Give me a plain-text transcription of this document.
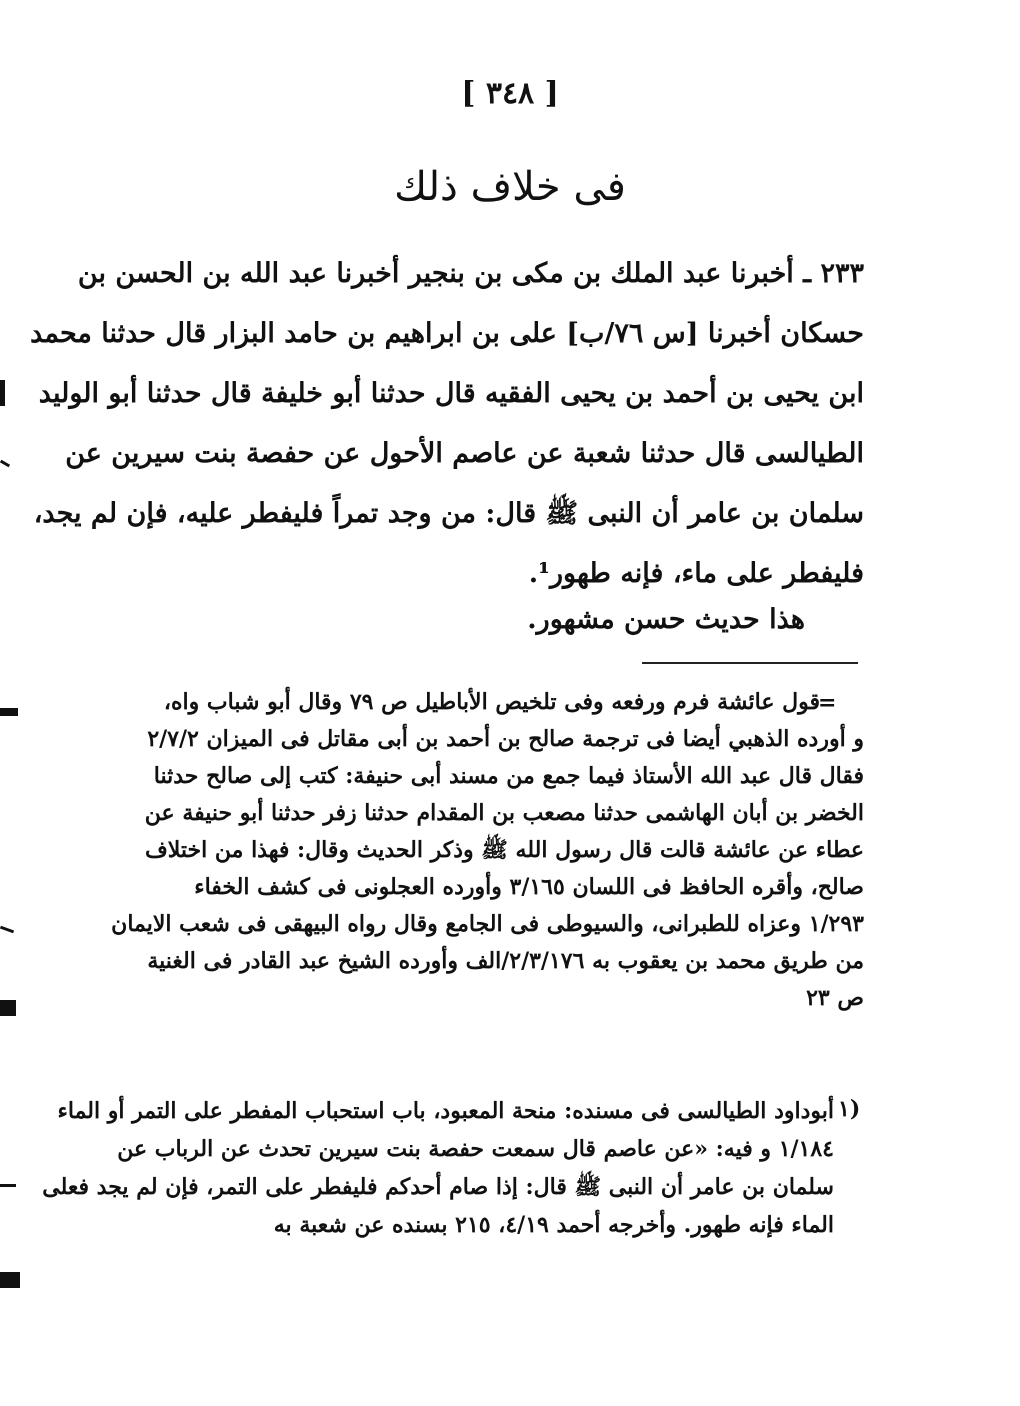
[ ٣٤٨ ]
فى خلاف ذلك
٢٣٣ ـ أخبرنا عبد الملك بن مكى بن بنجير أخبرنا عبد الله بن الحسن بن
حسكان أخبرنا [س ٧٦/ب] على بن ابراهيم بن حامد البزار قال حدثنا محمد
ابن يحيى بن أحمد بن يحيى الفقيه قال حدثنا أبو خليفة قال حدثنا أبو الوليد
الطيالسى قال حدثنا شعبة عن عاصم الأحول عن حفصة بنت سيرين عن
سلمان بن عامر أن النبى ﷺ قال: من وجد تمراً فليفطر عليه، فإن لم يجد،
فليفطر على ماء، فإنه طهور¹.
هذا حديث حسن مشهور.
=
قول عائشة فرم ورفعه وفى تلخيص الأباطيل ص ٧٩ وقال أبو شباب واه،
و أورده الذهبي أيضا فى ترجمة صالح بن أحمد بن أبى مقاتل فى الميزان ٢/٧/٢
فقال قال عبد الله الأستاذ فيما جمع من مسند أبى حنيفة: كتب إلى صالح حدثنا
الخضر بن أبان الهاشمى حدثنا مصعب بن المقدام حدثنا زفر حدثنا أبو حنيفة عن
عطاء عن عائشة قالت قال رسول الله ﷺ وذكر الحديث وقال: فهذا من اختلاف
صالح، وأقره الحافظ فى اللسان ٣/١٦٥ وأورده العجلونى فى كشف الخفاء
١/٢٩٣ وعزاه للطبرانى، والسيوطى فى الجامع وقال رواه البيهقى فى شعب الايمان
من طريق محمد بن يعقوب به ٢/٣/١٧٦/الف وأورده الشيخ عبد القادر فى الغنية
ص ٢٣
١)
أبوداود الطيالسى فى مسنده: منحة المعبود، باب استحباب المفطر على التمر أو الماء
١/١٨٤ و فيه: «عن عاصم قال سمعت حفصة بنت سيرين تحدث عن الرباب عن
سلمان بن عامر أن النبى ﷺ قال: إذا صام أحدكم فليفطر على التمر، فإن لم يجد فعلى
الماء فإنه طهور. وأخرجه أحمد ٤/١٩، ٢١٥ بسنده عن شعبة به
